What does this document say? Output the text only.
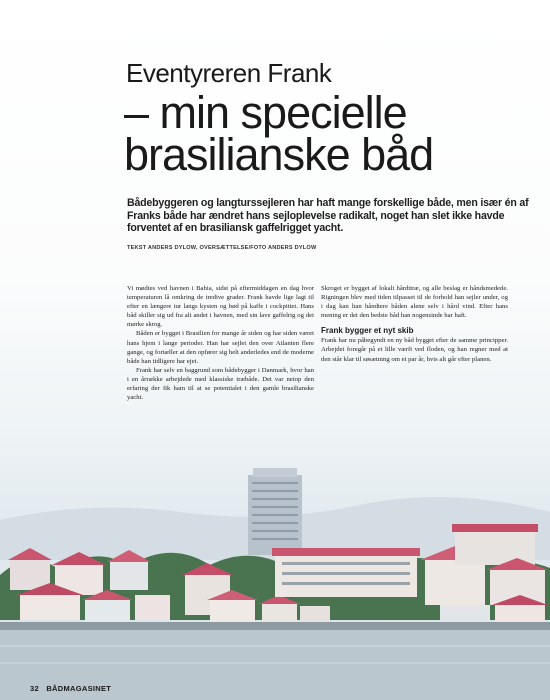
Eventyreren Frank
– min specielle
brasilianske båd

Bådebyggeren og langturssejleren har haft mange forskellige både, men især én af Franks både har ændret hans sejloplevelse radikalt, noget han slet ikke havde forventet af en brasiliansk gaffelrigget yacht.

TEKST ANDERS DYLOW, OVERSÆTTELSE/FOTO ANDERS DYLOW

Vi mødtes ved havnen i Bahia, sidst på eftermiddagen en dag hvor temperaturen lå omkring de tredive grader. Frank havde lige lagt til efter en længere tur langs kysten og bød på kaffe i cockpittet. Hans båd skiller sig ud fra alt andet i havnen, med sin lave gaffelrig og det mørke skrog.

Båden er bygget i Brasilien for mange år siden og har siden været hans hjem i lange perioder. Han har sejlet den over Atlanten flere gange, og fortæller at den opfører sig helt anderledes end de moderne både han tidligere har ejet.

Frank har selv en baggrund som bådebygger i Danmark, hvor han i en årrække arbejdede med klassiske træbåde. Det var netop den erfaring der fik ham til at se potentialet i den gamle brasilianske yacht.

Skroget er bygget af lokalt hårdttræ, og alle beslag er håndsmedede. Rigningen blev med tiden tilpasset til de forhold han sejler under, og i dag kan han håndtere båden alene selv i hård vind. Efter hans mening er det den bedste båd han nogensinde har haft.

Frank bygger et nyt skib

Frank har nu påbegyndt en ny båd bygget efter de samme principper. Arbejdet foregår på et lille værft ved floden, og han regner med at den står klar til søsætning om et par år, hvis alt går efter planen.

32 BÅDMAGASINET
